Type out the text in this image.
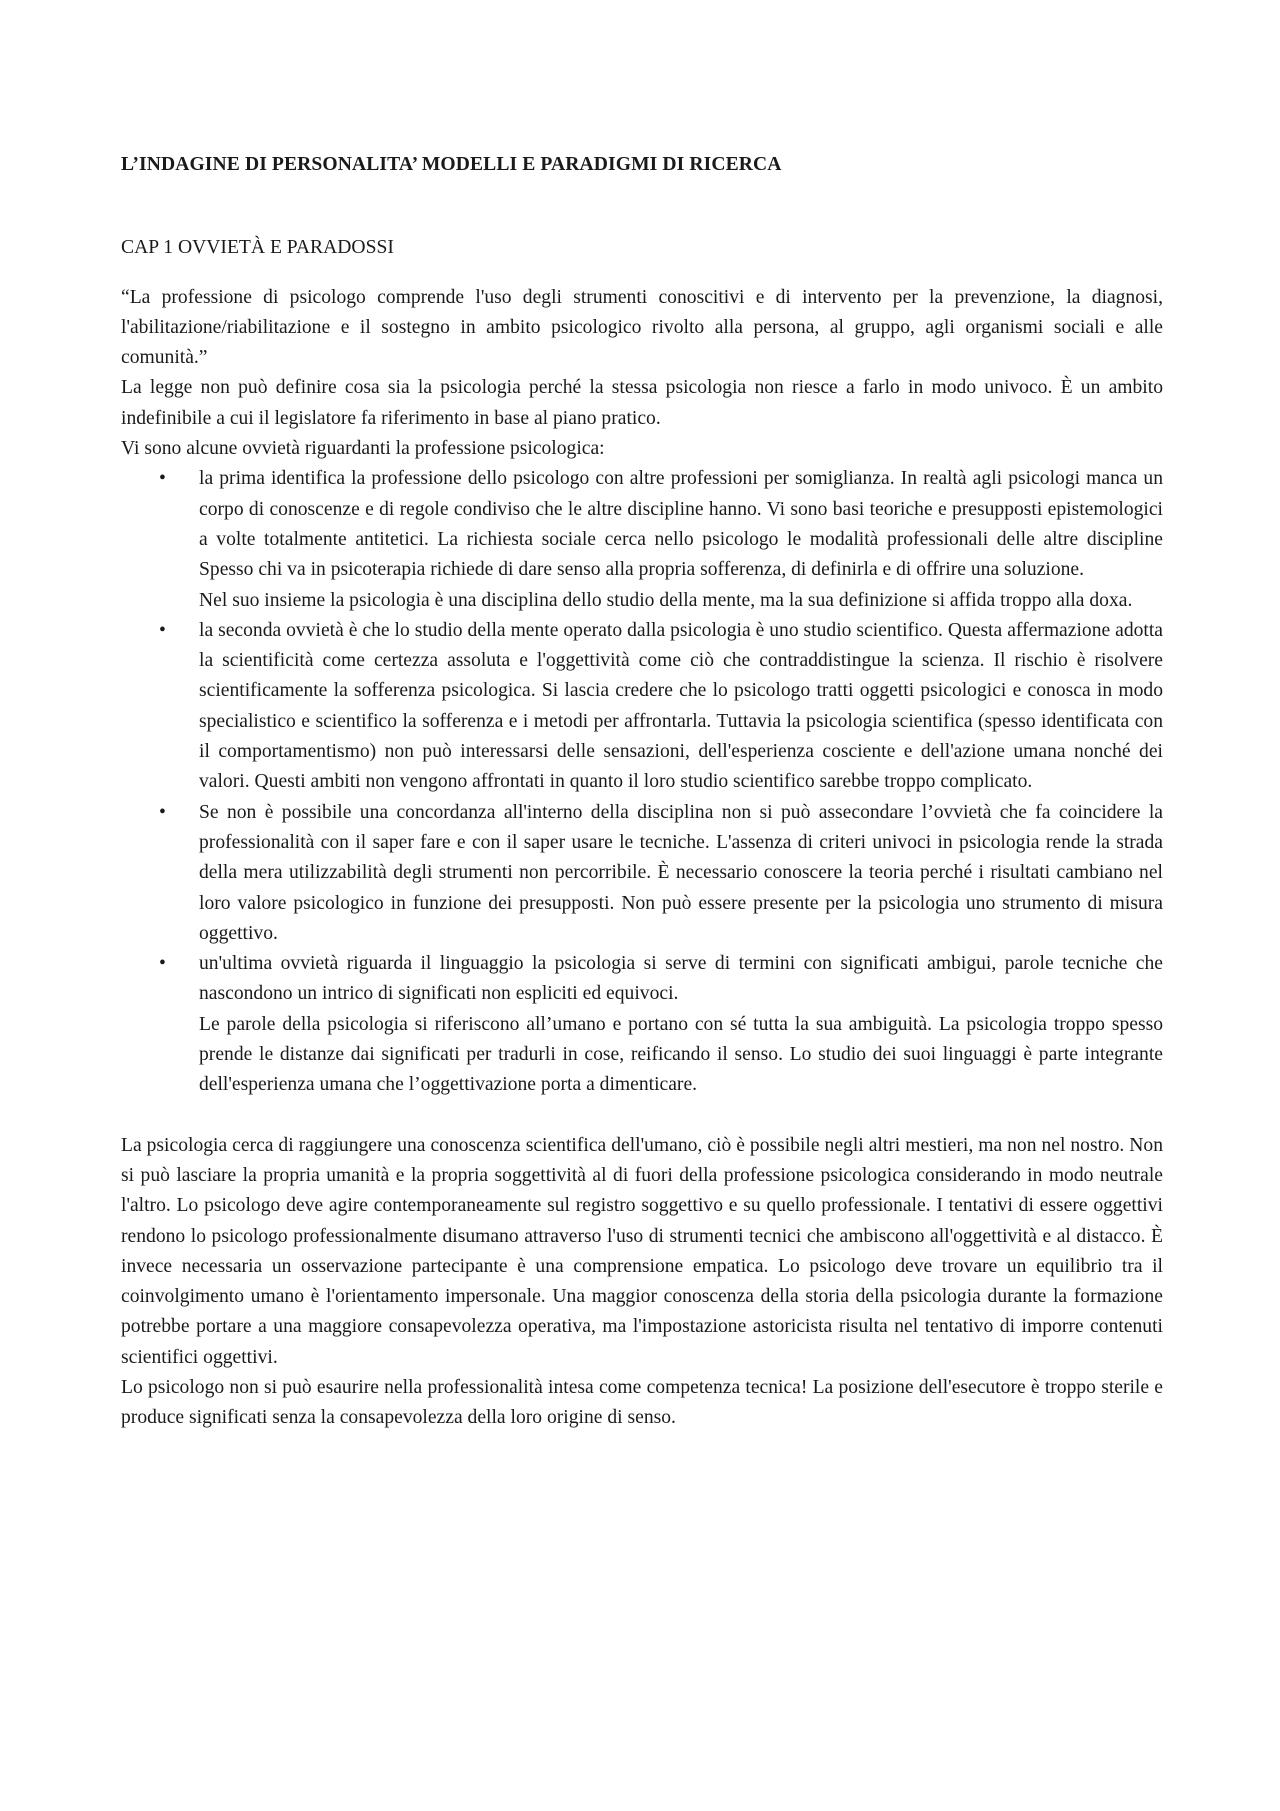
L’INDAGINE DI PERSONALITA’ MODELLI E PARADIGMI DI RICERCA
CAP 1 OVVIETÀ E PARADOSSI

“La professione di psicologo comprende l'uso degli strumenti conoscitivi e di intervento per la prevenzione, la diagnosi, l'abilitazione/riabilitazione e il sostegno in ambito psicologico rivolto alla persona, al gruppo, agli organismi sociali e alle comunità.”

La legge non può definire cosa sia la psicologia perché la stessa psicologia non riesce a farlo in modo univoco. È un ambito indefinibile a cui il legislatore fa riferimento in base al piano pratico.

Vi sono alcune ovvietà riguardanti la professione psicologica:

• la prima identifica la professione dello psicologo con altre professioni per somiglianza. In realtà agli psicologi manca un corpo di conoscenze e di regole condiviso che le altre discipline hanno. Vi sono basi teoriche e presupposti epistemologici a volte totalmente antitetici. La richiesta sociale cerca nello psicologo le modalità professionali delle altre discipline Spesso chi va in psicoterapia richiede di dare senso alla propria sofferenza, di definirla e di offrire una soluzione.

Nel suo insieme la psicologia è una disciplina dello studio della mente, ma la sua definizione si affida troppo alla doxa.

• la seconda ovvietà è che lo studio della mente operato dalla psicologia è uno studio scientifico. Questa affermazione adotta la scientificità come certezza assoluta e l'oggettività come ciò che contraddistingue la scienza. Il rischio è risolvere scientificamente la sofferenza psicologica. Si lascia credere che lo psicologo tratti oggetti psicologici e conosca in modo specialistico e scientifico la sofferenza e i metodi per affrontarla. Tuttavia la psicologia scientifica (spesso identificata con il comportamentismo) non può interessarsi delle sensazioni, dell'esperienza cosciente e dell'azione umana nonché dei valori. Questi ambiti non vengono affrontati in quanto il loro studio scientifico sarebbe troppo complicato.

• Se non è possibile una concordanza all'interno della disciplina non si può assecondare l’ovvietà che fa coincidere la professionalità con il saper fare e con il saper usare le tecniche. L'assenza di criteri univoci in psicologia rende la strada della mera utilizzabilità degli strumenti non percorribile. È necessario conoscere la teoria perché i risultati cambiano nel loro valore psicologico in funzione dei presupposti. Non può essere presente per la psicologia uno strumento di misura oggettivo.

• un'ultima ovvietà riguarda il linguaggio la psicologia si serve di termini con significati ambigui, parole tecniche che nascondono un intrico di significati non espliciti ed equivoci.

Le parole della psicologia si riferiscono all’umano e portano con sé tutta la sua ambiguità. La psicologia troppo spesso prende le distanze dai significati per tradurli in cose, reificando il senso. Lo studio dei suoi linguaggi è parte integrante dell'esperienza umana che l’oggettivazione porta a dimenticare.

La psicologia cerca di raggiungere una conoscenza scientifica dell'umano, ciò è possibile negli altri mestieri, ma non nel nostro. Non si può lasciare la propria umanità e la propria soggettività al di fuori della professione psicologica considerando in modo neutrale l'altro. Lo psicologo deve agire contemporaneamente sul registro soggettivo e su quello professionale. I tentativi di essere oggettivi rendono lo psicologo professionalmente disumano attraverso l'uso di strumenti tecnici che ambiscono all'oggettività e al distacco. È invece necessaria un osservazione partecipante è una comprensione empatica. Lo psicologo deve trovare un equilibrio tra il coinvolgimento umano è l'orientamento impersonale. Una maggior conoscenza della storia della psicologia durante la formazione potrebbe portare a una maggiore consapevolezza operativa, ma l'impostazione astoricista risulta nel tentativo di imporre contenuti scientifici oggettivi.

Lo psicologo non si può esaurire nella professionalità intesa come competenza tecnica! La posizione dell'esecutore è troppo sterile e produce significati senza la consapevolezza della loro origine di senso.
